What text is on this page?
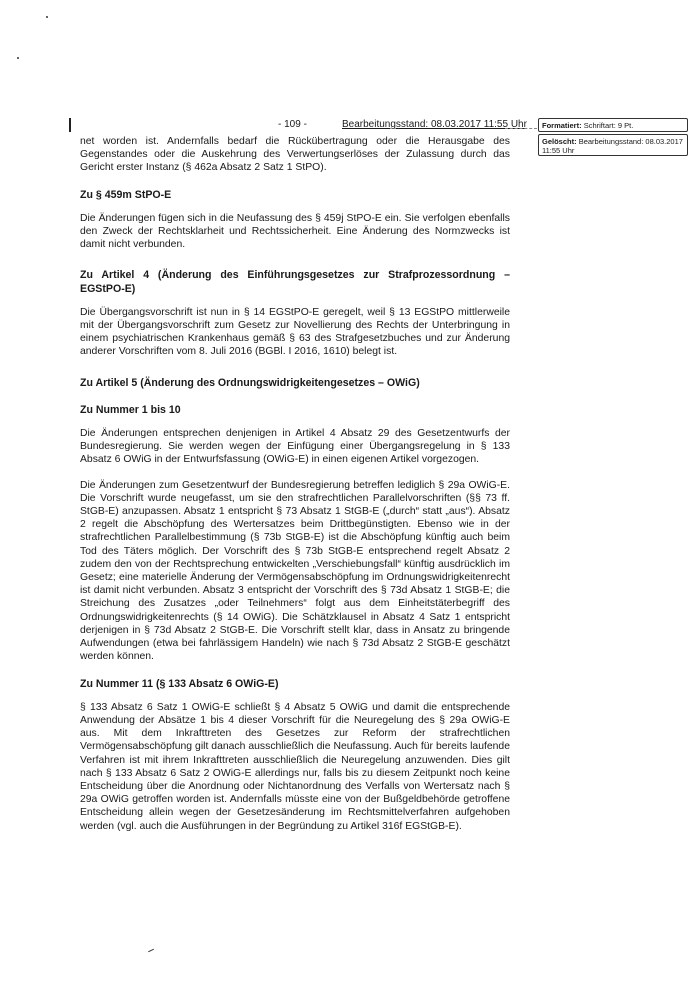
- 109 -	Bearbeitungsstand: 08.03.2017 11:55 Uhr	Formatiert: Schriftart: 9 Pt.
Gelöscht: Bearbeitungsstand: 08.03.2017 11:55 Uhr

net worden ist. Andernfalls bedarf die Rückübertragung oder die Herausgabe des Gegenstandes oder die Auskehrung des Verwertungserlöses der Zulassung durch das Gericht erster Instanz (§ 462a Absatz 2 Satz 1 StPO).

Zu § 459m StPO-E

Die Änderungen fügen sich in die Neufassung des § 459j StPO-E ein. Sie verfolgen ebenfalls den Zweck der Rechtsklarheit und Rechtssicherheit. Eine Änderung des Normzwecks ist damit nicht verbunden.

Zu Artikel 4 (Änderung des Einführungsgesetzes zur Strafprozessordnung – EGStPO-E)

Die Übergangsvorschrift ist nun in § 14 EGStPO-E geregelt, weil § 13 EGStPO mittlerweile mit der Übergangsvorschrift zum Gesetz zur Novellierung des Rechts der Unterbringung in einem psychiatrischen Krankenhaus gemäß § 63 des Strafgesetzbuches und zur Änderung anderer Vorschriften vom 8. Juli 2016 (BGBl. I 2016, 1610) belegt ist.

Zu Artikel 5 (Änderung des Ordnungswidrigkeitengesetzes – OWiG)
Zu Nummer 1 bis 10

Die Änderungen entsprechen denjenigen in Artikel 4 Absatz 29 des Gesetzentwurfs der Bundesregierung. Sie werden wegen der Einfügung einer Übergangsregelung in § 133 Absatz 6 OWiG in der Entwurfsfassung (OWiG-E) in einen eigenen Artikel vorgezogen.

Die Änderungen zum Gesetzentwurf der Bundesregierung betreffen lediglich § 29a OWiG-E. Die Vorschrift wurde neugefasst, um sie den strafrechtlichen Parallelvorschriften (§§ 73 ff. StGB-E) anzupassen. Absatz 1 entspricht § 73 Absatz 1 StGB-E („durch“ statt „aus“). Absatz 2 regelt die Abschöpfung des Wertersatzes beim Drittbegünstigten. Ebenso wie in der strafrechtlichen Parallelbestimmung (§ 73b StGB-E) ist die Abschöpfung künftig auch beim Tod des Täters möglich. Der Vorschrift des § 73b StGB-E entsprechend regelt Absatz 2 zudem den von der Rechtsprechung entwickelten „Verschiebungsfall“ künftig ausdrücklich im Gesetz; eine materielle Änderung der Vermögensabschöpfung im Ordnungswidrigkeitenrecht ist damit nicht verbunden. Absatz 3 entspricht der Vorschrift des § 73d Absatz 1 StGB-E; die Streichung des Zusatzes „oder Teilnehmers“ folgt aus dem Einheitstäterbegriff des Ordnungswidrigkeitenrechts (§ 14 OWiG). Die Schätzklausel in Absatz 4 Satz 1 entspricht derjenigen in § 73d Absatz 2 StGB-E. Die Vorschrift stellt klar, dass in Ansatz zu bringende Aufwendungen (etwa bei fahrlässigem Handeln) wie nach § 73d Absatz 2 StGB-E geschätzt werden können.

Zu Nummer 11 (§ 133 Absatz 6 OWiG-E)

§ 133 Absatz 6 Satz 1 OWiG-E schließt § 4 Absatz 5 OWiG und damit die entsprechende Anwendung der Absätze 1 bis 4 dieser Vorschrift für die Neuregelung des § 29a OWiG-E aus. Mit dem Inkrafttreten des Gesetzes zur Reform der strafrechtlichen Vermögensabschöpfung gilt danach ausschließlich die Neufassung. Auch für bereits laufende Verfahren ist mit ihrem Inkrafttreten ausschließlich die Neuregelung anzuwenden. Dies gilt nach § 133 Absatz 6 Satz 2 OWiG-E allerdings nur, falls bis zu diesem Zeitpunkt noch keine Entscheidung über die Anordnung oder Nichtanordnung des Verfalls von Wertersatz nach § 29a OWiG getroffen worden ist. Andernfalls müsste eine von der Bußgeldbehörde getroffene Entscheidung allein wegen der Gesetzesänderung im Rechtsmittelverfahren aufgehoben werden (vgl. auch die Ausführungen in der Begründung zu Artikel 316f EGStGB-E).
